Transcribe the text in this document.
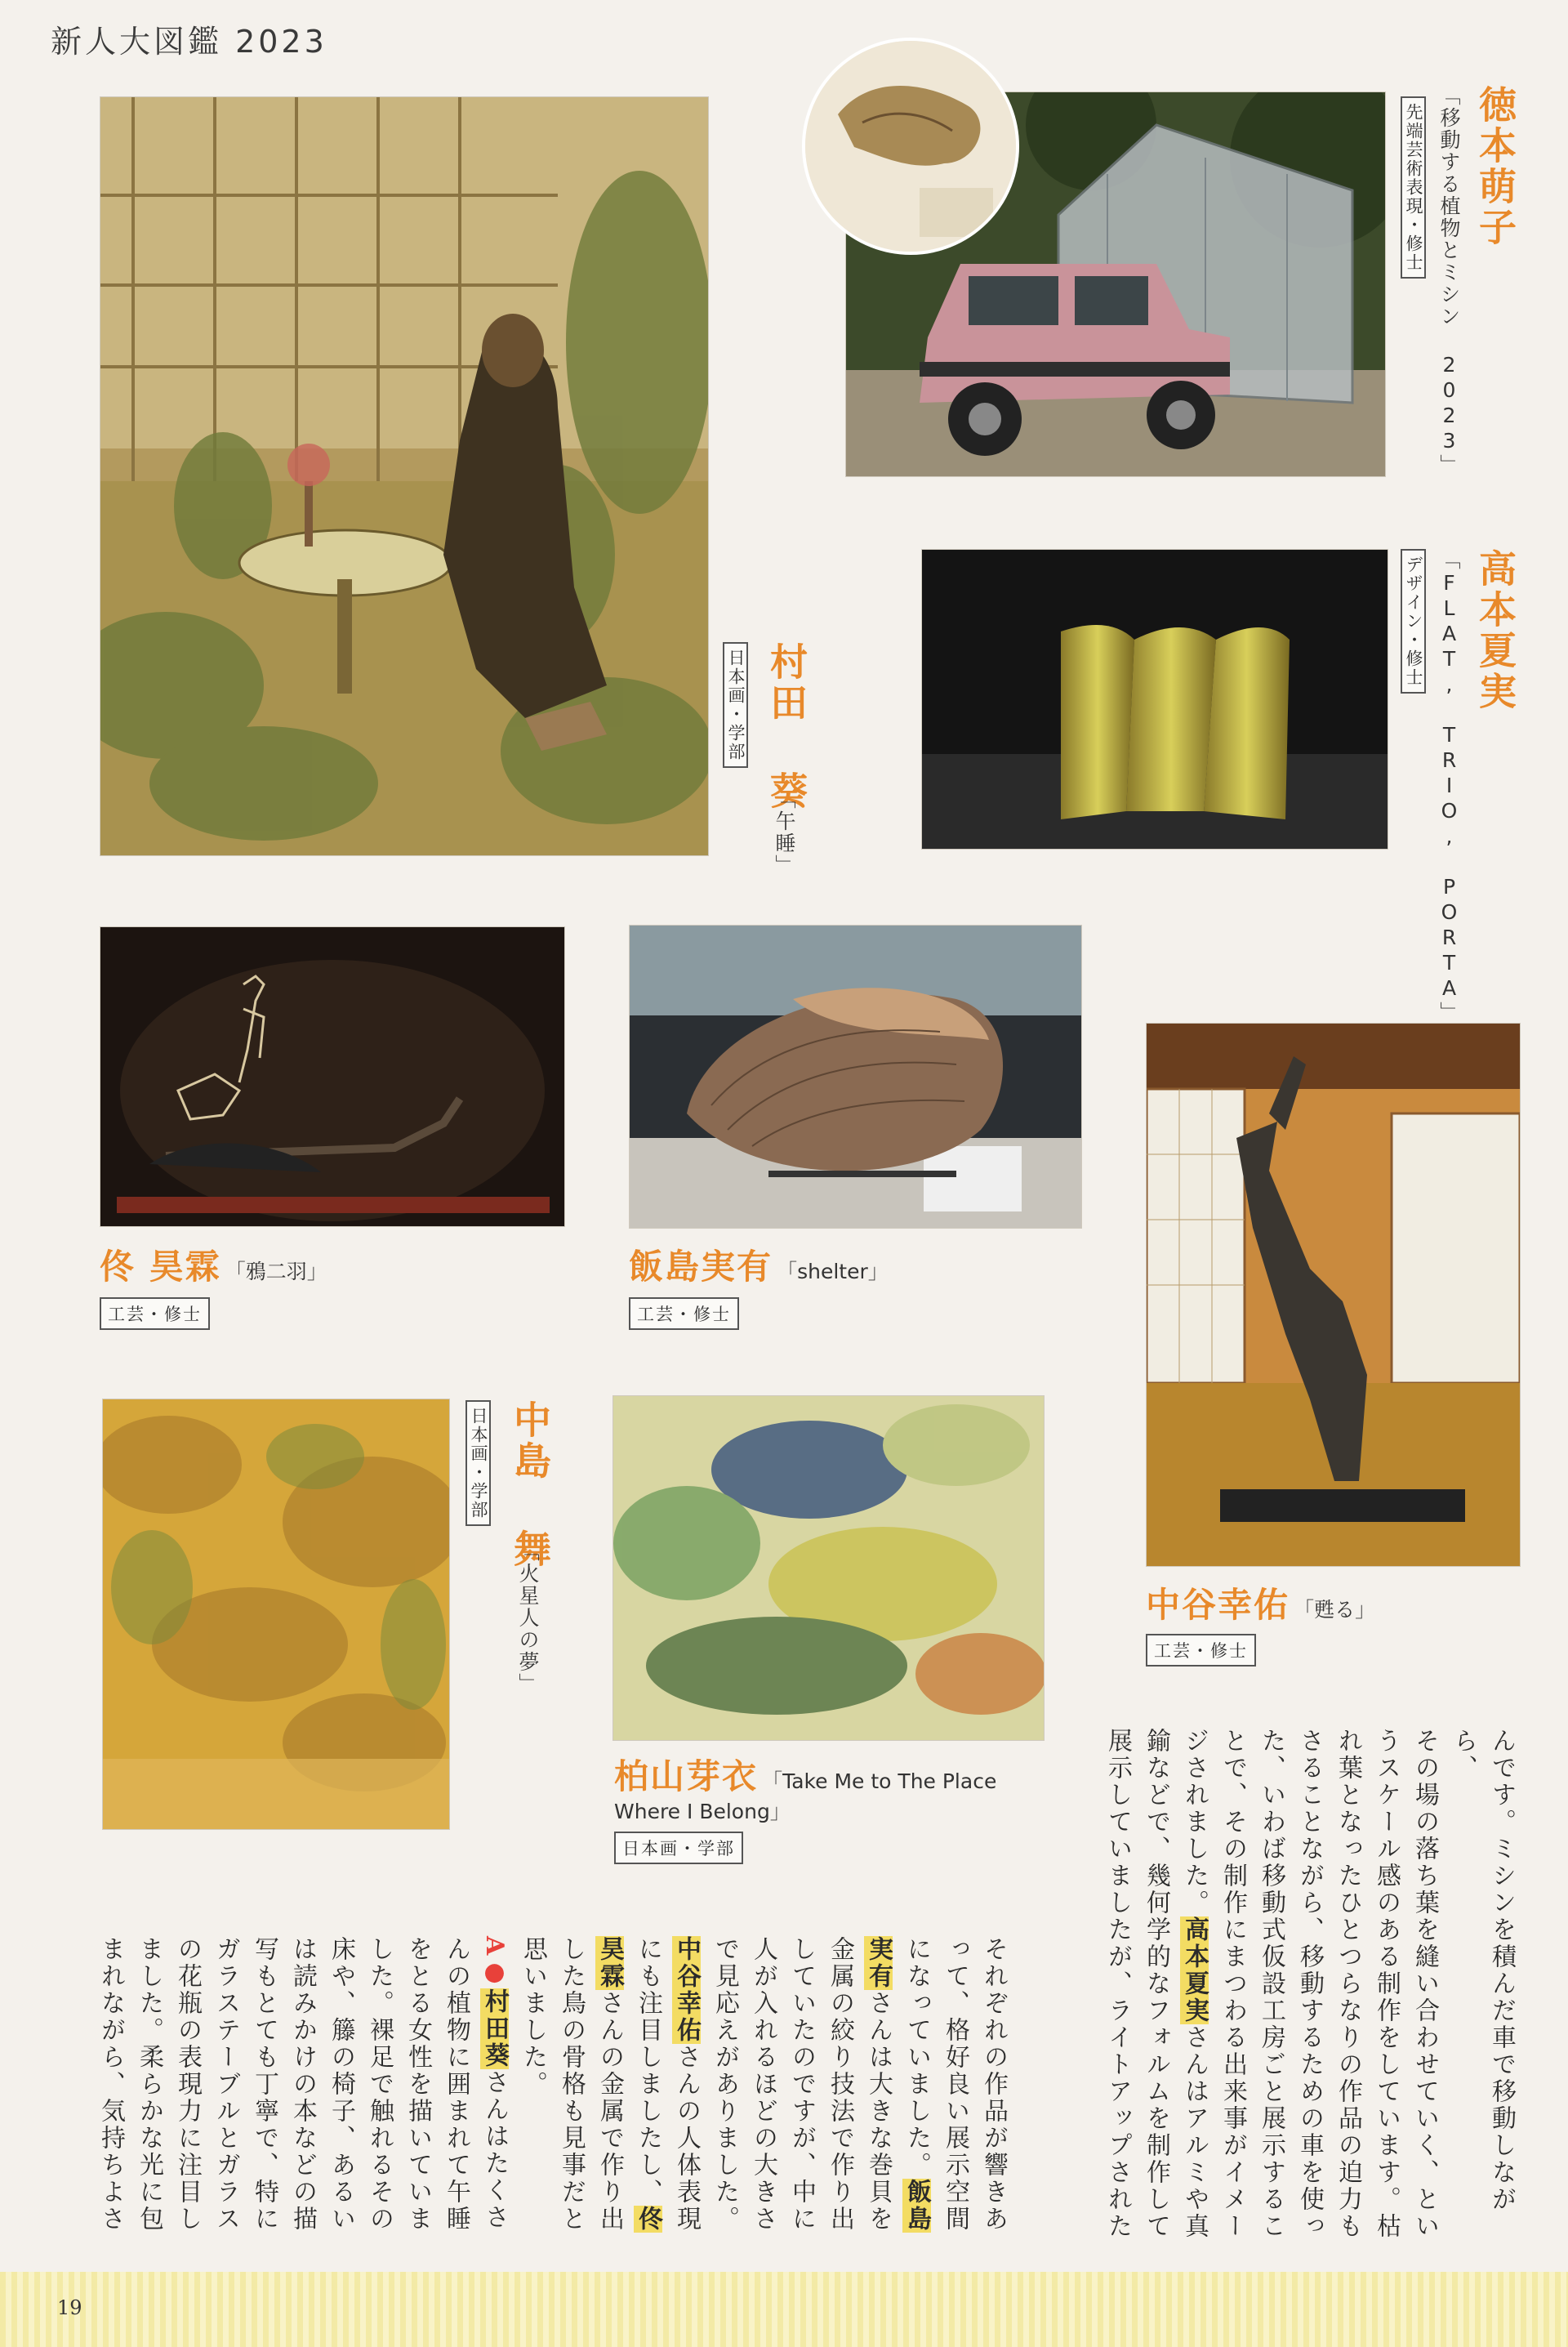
新人大図鑑 2023
日本画・学部 村田 葵
「午睡」
先端芸術表現・修士 「移動する植物とミシン 2023」 徳本萌子
デザイン・修士 「FLAT, TRIO, PORTA」 高本夏実
佟 昊霖 「鴉二羽」
工芸・修士
飯島実有 「shelter」
工芸・修士
中谷幸佑 「甦る」
工芸・修士
日本画・学部 中島 舞
「火星人の夢」
柏山芽衣 「Take Me to The Place
Where I Belong」
日本画・学部	んです。ミシンを積んだ車で移動しながら、
その場の落ち葉を縫い合わせていく、とい
うスケール感のある制作をしています。枯
れ葉となったひとつらなりの作品の迫力も
さることながら、移動するための車を使っ
た、いわば移動式仮設工房ごと展示するこ
とで、その制作にまつわる出来事がイメー
ジされました。高本夏実さんはアルミや真
鍮などで、幾何学的なフォルムを制作して
展示していましたが、ライトアップされた
それぞれの作品が響きあ
って、格好良い展示空間
になっていました。飯島
実有さんは大きな巻貝を
金属の絞り技法で作り出
していたのですが、中に
人が入れるほどの大きさ
で見応えがありました。
中谷幸佑さんの人体表現
にも注目しましたし、佟
昊霖さんの金属で作り出
した鳥の骨格も見事だと
思いました。
A●村田葵さんはたくさ
んの植物に囲まれて午睡
をとる女性を描いていま
した。裸足で触れるその
床や、籐の椅子、あるい
は読みかけの本などの描
写もとても丁寧で、特に
ガラステーブルとガラス
の花瓶の表現力に注目し
ました。柔らかな光に包
まれながら、気持ちよさ
19
